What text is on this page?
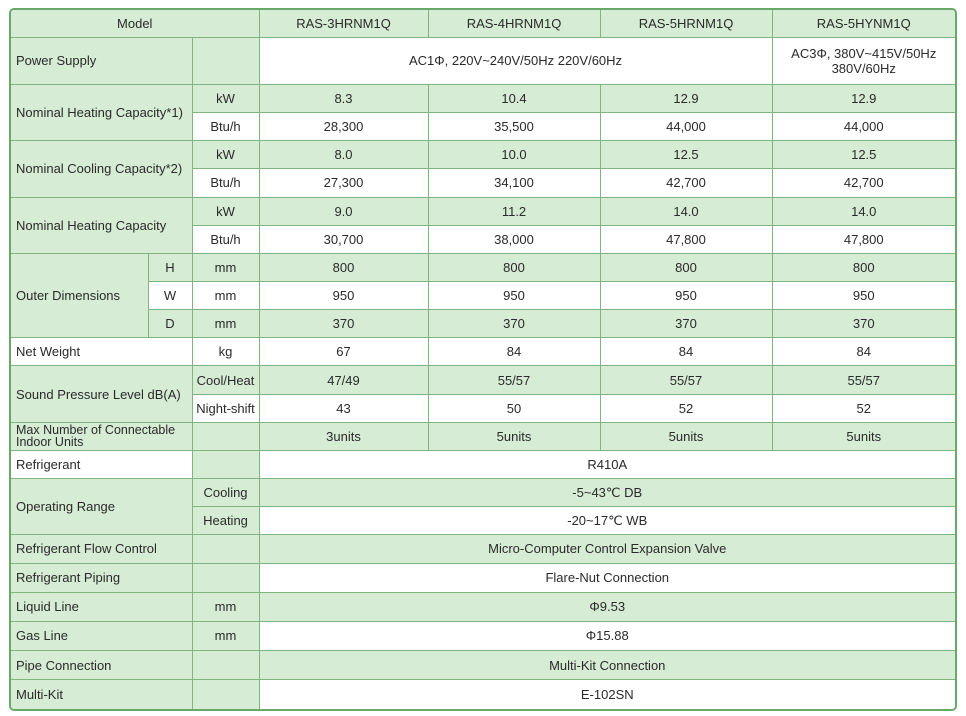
Model			RAS-3HRNM1Q	RAS-4HRNM1Q	RAS-5HRNM1Q	RAS-5HYNM1Q
Power Supply			AC1Φ, 220V~240V/50Hz 220V/60Hz			AC3Φ, 380V~415V/50Hz
380V/60Hz

Nominal Heating Capacity*1)		kW	8.3	10.4	12.9	12.9
		Btu/h	28,300	35,500	44,000	44,000
Nominal Cooling Capacity*2)		kW	8.0	10.0	12.5	12.5
		Btu/h	27,300	34,100	42,700	42,700
Nominal Heating Capacity		kW	9.0	11.2	14.0	14.0
		Btu/h	30,700	38,000	47,800	47,800
Outer Dimensions	H	mm	800	800	800	800
	W	mm	950	950	950	950
	D	mm	370	370	370	370
Net Weight		kg	67	84	84	84
Sound Pressure Level dB(A)		Cool/Heat	47/49	55/57	55/57	55/57
		Night-shift	43	50	52	52

Max Number of Connectable
Indoor Units			3units	5units	5units	5units
Refrigerant			R410A			
Operating Range		Cooling	-5~43℃ DB			
		Heating	-20~17℃ WB			
Refrigerant Flow Control			Micro-Computer Control Expansion Valve			
Refrigerant Piping			Flare-Nut Connection			
Liquid Line		mm	Φ9.53			
Gas Line		mm	Φ15.88			
Pipe Connection			Multi-Kit Connection			
Multi-Kit			E-102SN			
